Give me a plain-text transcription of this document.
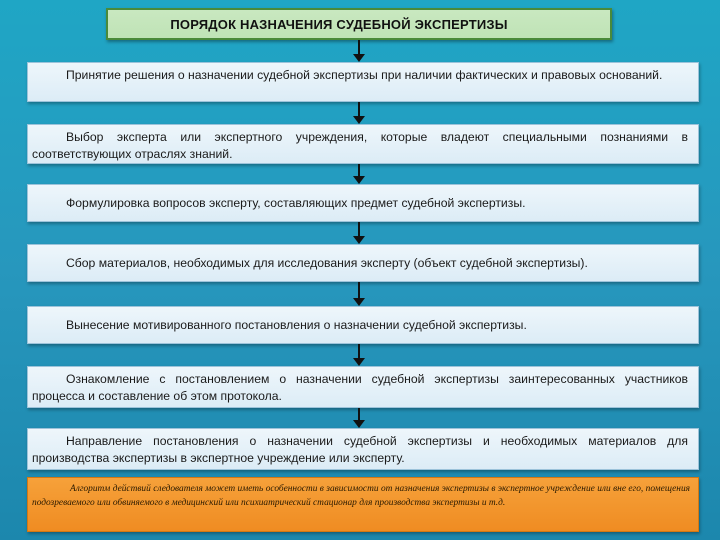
ПОРЯДОК НАЗНАЧЕНИЯ СУДЕБНОЙ ЭКСПЕРТИЗЫ
Принятие решения о назначении судебной экспертизы при наличии фактических и правовых оснований.
Выбор эксперта или экспертного учреждения, которые владеют специальными познаниями в соответствующих отраслях знаний.
Формулировка вопросов эксперту, составляющих предмет судебной экспертизы.
Сбор материалов, необходимых для исследования эксперту (объект судебной экспертизы).
Вынесение мотивированного постановления о назначении судебной экспертизы.
Ознакомление с постановлением о назначении судебной экспертизы заинтересованных участников процесса и составление об этом протокола.
Направление постановления о назначении судебной экспертизы и необходимых материалов для производства экспертизы в экспертное учреждение или эксперту.
Алгоритм действий следователя может иметь особенности в зависимости от назначения экспертизы в экспертное учреждение или вне его, помещения подозреваемого или обвиняемого в медицинский или психиатрический стационар для производства экспертизы и т.д.
